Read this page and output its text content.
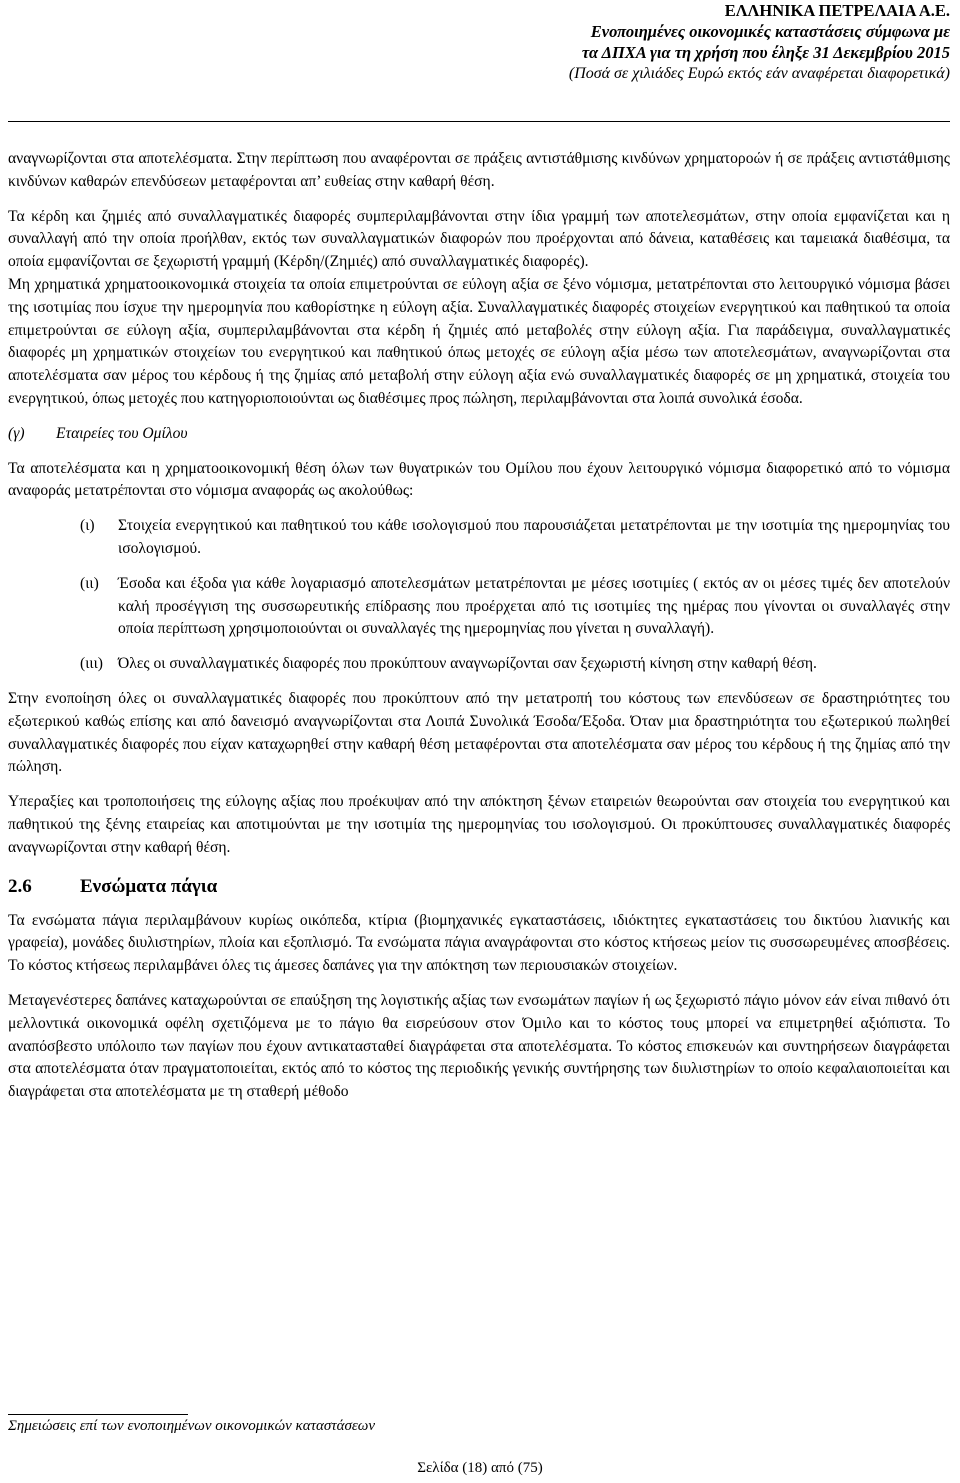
ΕΛΛΗΝΙΚΑ ΠΕΤΡΕΛΑΙΑ Α.Ε.
Ενοποιημένες οικονομικές καταστάσεις σύμφωνα με
τα ΔΠΧΑ για τη χρήση που έληξε 31 Δεκεμβρίου 2015
(Ποσά σε χιλιάδες Ευρώ εκτός εάν αναφέρεται διαφορετικά)

αναγνωρίζονται στα αποτελέσματα. Στην περίπτωση που αναφέρονται σε πράξεις αντιστάθμισης κινδύνων χρηματοροών ή σε πράξεις αντιστάθμισης κινδύνων καθαρών επενδύσεων μεταφέρονται απ’ ευθείας στην καθαρή θέση.

Τα κέρδη και ζημιές από συναλλαγματικές διαφορές συμπεριλαμβάνονται στην ίδια γραμμή των αποτελεσμάτων, στην οποία εμφανίζεται και η συναλλαγή από την οποία προήλθαν, εκτός των συναλλαγματικών διαφορών που προέρχονται από δάνεια, καταθέσεις και ταμειακά διαθέσιμα, τα οποία εμφανίζονται σε ξεχωριστή γραμμή (Κέρδη/(Ζημιές) από συναλλαγματικές διαφορές).

Μη χρηματικά χρηματοοικονομικά στοιχεία τα οποία επιμετρούνται σε εύλογη αξία σε ξένο νόμισμα, μετατρέπονται στο λειτουργικό νόμισμα βάσει της ισοτιμίας που ίσχυε την ημερομηνία που καθορίστηκε η εύλογη αξία. Συναλλαγματικές διαφορές στοιχείων ενεργητικού και παθητικού τα οποία επιμετρούνται σε εύλογη αξία, συμπεριλαμβάνονται στα κέρδη ή ζημιές από μεταβολές στην εύλογη αξία. Για παράδειγμα, συναλλαγματικές διαφορές μη χρηματικών στοιχείων του ενεργητικού και παθητικού όπως μετοχές σε εύλογη αξία μέσω των αποτελεσμάτων, αναγνωρίζονται στα αποτελέσματα σαν μέρος του κέρδους ή της ζημίας από μεταβολή στην εύλογη αξία ενώ συναλλαγματικές διαφορές σε μη χρηματικά, στοιχεία του ενεργητικού, όπως μετοχές που κατηγοριοποιούνται ως διαθέσιμες προς πώληση, περιλαμβάνονται στα λοιπά συνολικά έσοδα.

(γ) Εταιρείες του Ομίλου

Τα αποτελέσματα και η χρηματοοικονομική θέση όλων των θυγατρικών του Ομίλου που έχουν λειτουργικό νόμισμα διαφορετικό από το νόμισμα αναφοράς μετατρέπονται στο νόμισμα αναφοράς ως ακολούθως:

(ι) Στοιχεία ενεργητικού και παθητικού του κάθε ισολογισμού που παρουσιάζεται μετατρέπονται με την ισοτιμία της ημερομηνίας του ισολογισμού.
(ιι) Έσοδα και έξοδα για κάθε λογαριασμό αποτελεσμάτων μετατρέπονται με μέσες ισοτιμίες ( εκτός αν οι μέσες τιμές δεν αποτελούν καλή προσέγγιση της συσσωρευτικής επίδρασης που προέρχεται από τις ισοτιμίες της ημέρας που γίνονται οι συναλλαγές στην οποία περίπτωση χρησιμοποιούνται οι συναλλαγές της ημερομηνίας που γίνεται η συναλλαγή).
(ιιι) Όλες οι συναλλαγματικές διαφορές που προκύπτουν αναγνωρίζονται σαν ξεχωριστή κίνηση στην καθαρή θέση.

Στην ενοποίηση όλες οι συναλλαγματικές διαφορές που προκύπτουν από την μετατροπή του κόστους των επενδύσεων σε δραστηριότητες του εξωτερικού καθώς επίσης και από δανεισμό αναγνωρίζονται στα Λοιπά Συνολικά Έσοδα/Έξοδα. Όταν μια δραστηριότητα του εξωτερικού πωληθεί συναλλαγματικές διαφορές που είχαν καταχωρηθεί στην καθαρή θέση μεταφέρονται στα αποτελέσματα σαν μέρος του κέρδους ή της ζημίας από την πώληση.

Υπεραξίες και τροποποιήσεις της εύλογης αξίας που προέκυψαν από την απόκτηση ξένων εταιρειών θεωρούνται σαν στοιχεία του ενεργητικού και παθητικού της ξένης εταιρείας και αποτιμούνται με την ισοτιμία της ημερομηνίας του ισολογισμού. Οι προκύπτουσες συναλλαγματικές διαφορές αναγνωρίζονται στην καθαρή θέση.

2.6	Ενσώματα πάγια

Τα ενσώματα πάγια περιλαμβάνουν κυρίως οικόπεδα, κτίρια (βιομηχανικές εγκαταστάσεις, ιδιόκτητες εγκαταστάσεις του δικτύου λιανικής και γραφεία), μονάδες διυλιστηρίων, πλοία και εξοπλισμό. Τα ενσώματα πάγια αναγράφονται στο κόστος κτήσεως μείον τις συσσωρευμένες αποσβέσεις. Το κόστος κτήσεως περιλαμβάνει όλες τις άμεσες δαπάνες για την απόκτηση των περιουσιακών στοιχείων.

Μεταγενέστερες δαπάνες καταχωρούνται σε επαύξηση της λογιστικής αξίας των ενσωμάτων παγίων ή ως ξεχωριστό πάγιο μόνον εάν είναι πιθανό ότι μελλοντικά οικονομικά οφέλη σχετιζόμενα με το πάγιο θα εισρεύσουν στον Όμιλο και το κόστος τους μπορεί να επιμετρηθεί αξιόπιστα. Το αναπόσβεστο υπόλοιπο των παγίων που έχουν αντικατασταθεί διαγράφεται στα αποτελέσματα. Το κόστος επισκευών και συντηρήσεων διαγράφεται στα αποτελέσματα όταν πραγματοποιείται, εκτός από το κόστος της περιοδικής γενικής συντήρησης των διυλιστηρίων το οποίο κεφαλαιοποιείται και διαγράφεται στα αποτελέσματα με τη σταθερή μέθοδο

Σημειώσεις επί των ενοποιημένων οικονομικών καταστάσεων
Σελίδα (18) από (75)
